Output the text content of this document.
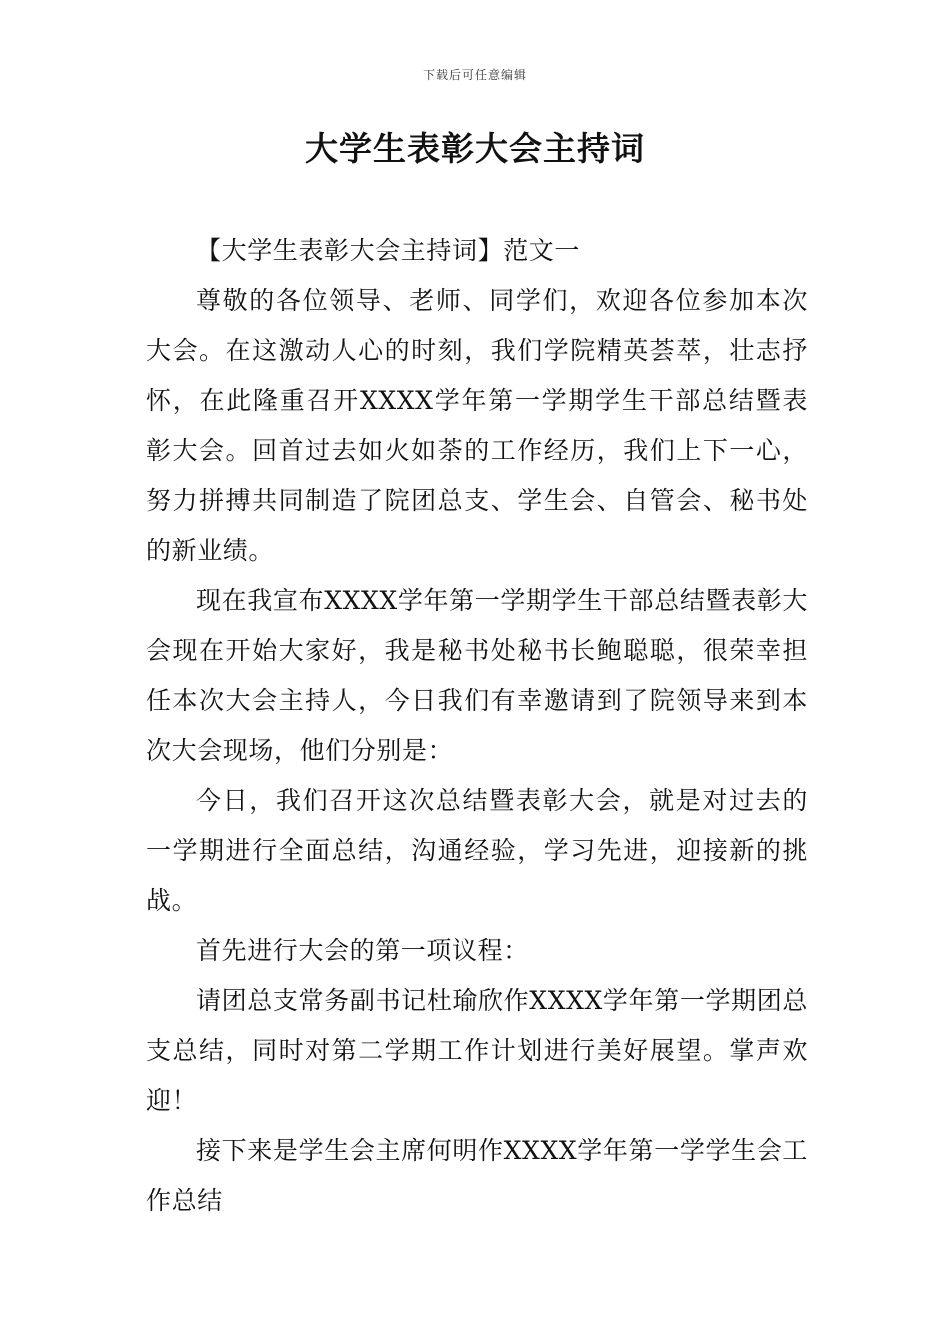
下载后可任意编辑
大学生表彰大会主持词

【大学生表彰大会主持词】范文一

尊敬的各位领导、老师、同学们，欢迎各位参加本次大会。在这激动人心的时刻，我们学院精英荟萃，壮志抒怀，在此隆重召开XXXX学年第一学期学生干部总结暨表彰大会。回首过去如火如荼的工作经历，我们上下一心，努力拼搏共同制造了院团总支、学生会、自管会、秘书处的新业绩。

现在我宣布XXXX学年第一学期学生干部总结暨表彰大会现在开始大家好，我是秘书处秘书长鲍聪聪，很荣幸担任本次大会主持人，今日我们有幸邀请到了院领导来到本次大会现场，他们分别是：

今日，我们召开这次总结暨表彰大会，就是对过去的一学期进行全面总结，沟通经验，学习先进，迎接新的挑战。

首先进行大会的第一项议程：

请团总支常务副书记杜瑜欣作XXXX学年第一学期团总支总结，同时对第二学期工作计划进行美好展望。掌声欢迎！

接下来是学生会主席何明作XXXX学年第一学学生会工作总结
